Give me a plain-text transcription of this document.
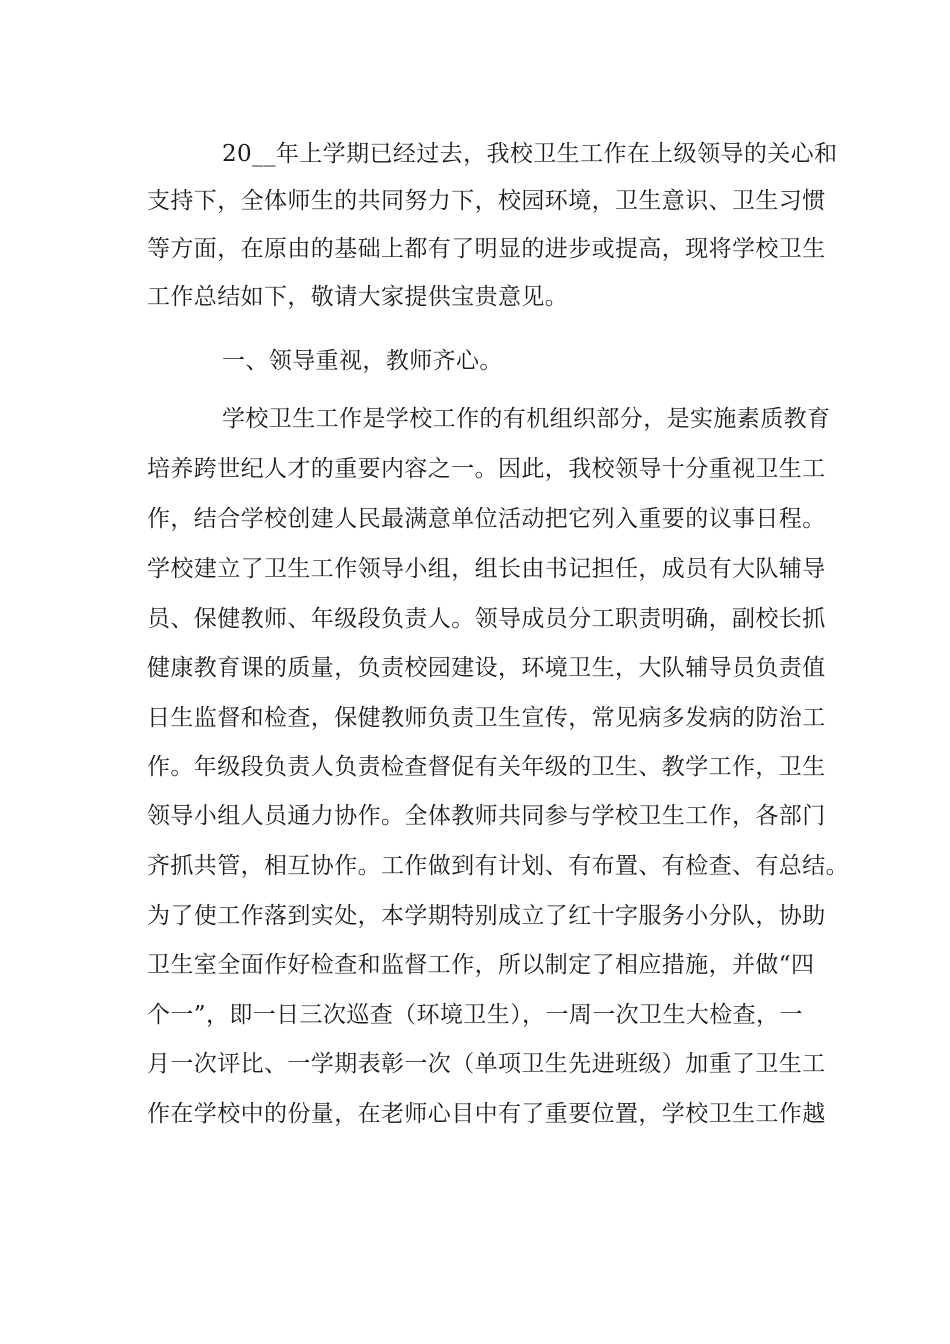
20__年上学期已经过去，我校卫生工作在上级领导的关心和
支持下，全体师生的共同努力下，校园环境，卫生意识、卫生习惯
等方面，在原由的基础上都有了明显的进步或提高，现将学校卫生
工作总结如下，敬请大家提供宝贵意见。
一、领导重视，教师齐心。
学校卫生工作是学校工作的有机组织部分，是实施素质教育
培养跨世纪人才的重要内容之一。因此，我校领导十分重视卫生工
作，结合学校创建人民最满意单位活动把它列入重要的议事日程。
学校建立了卫生工作领导小组，组长由书记担任，成员有大队辅导
员、保健教师、年级段负责人。领导成员分工职责明确，副校长抓
健康教育课的质量，负责校园建设，环境卫生，大队辅导员负责值
日生监督和检查，保健教师负责卫生宣传，常见病多发病的防治工
作。年级段负责人负责检查督促有关年级的卫生、教学工作，卫生
领导小组人员通力协作。全体教师共同参与学校卫生工作，各部门
齐抓共管，相互协作。工作做到有计划、有布置、有检查、有总结。
为了使工作落到实处，本学期特别成立了红十字服务小分队，协助
卫生室全面作好检查和监督工作，所以制定了相应措施，并做“四
个一”，即一日三次巡查（环境卫生），一周一次卫生大检查，一
月一次评比、一学期表彰一次（单项卫生先进班级）加重了卫生工
作在学校中的份量，在老师心目中有了重要位置，学校卫生工作越
